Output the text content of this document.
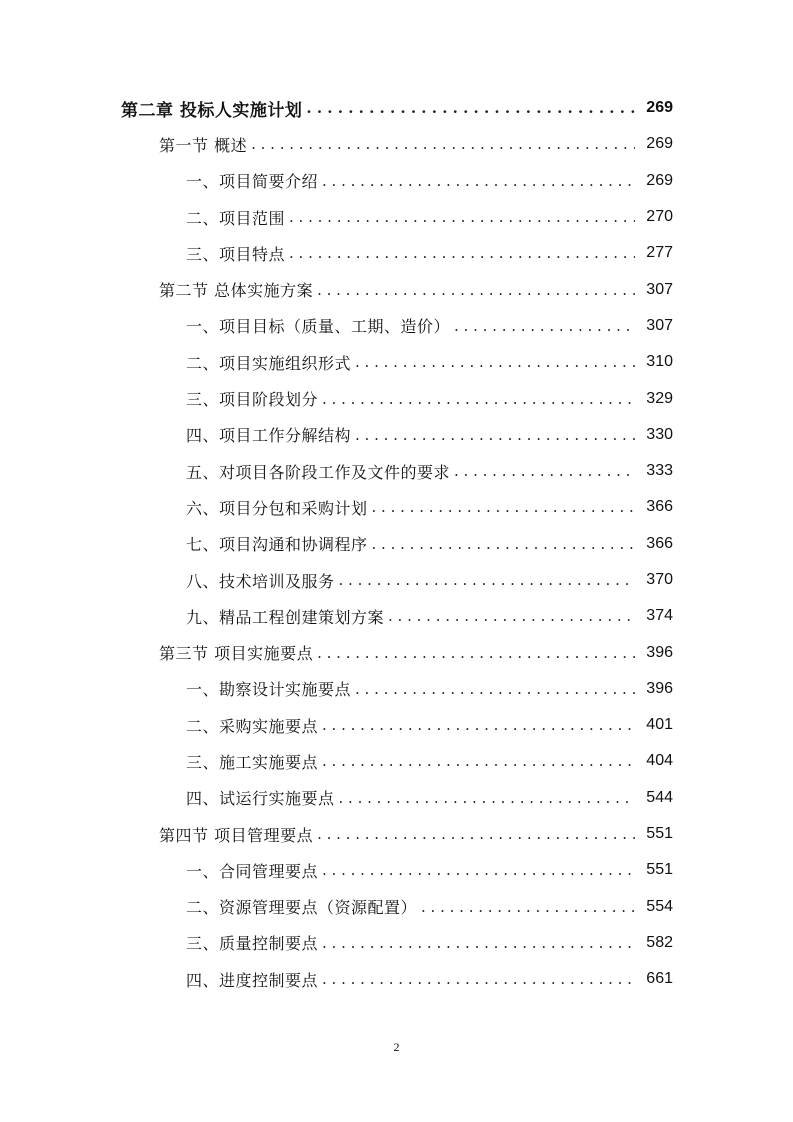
第二章 投标人实施计划 . . .	269
第一节 概述 . . .	269
一、项目简要介绍 . . .	269
二、项目范围 . . .	270
三、项目特点 . . .	277
第二节 总体实施方案 . . .	307
一、项目目标（质量、工期、造价） . . .	307
二、项目实施组织形式 . . .	310
三、项目阶段划分 . . .	329
四、项目工作分解结构 . . .	330
五、对项目各阶段工作及文件的要求 . . .	333
六、项目分包和采购计划 . . .	366
七、项目沟通和协调程序 . . .	366
八、技术培训及服务 . . .	370
九、精品工程创建策划方案 . . .	374
第三节 项目实施要点 . . .	396
一、勘察设计实施要点 . . .	396
二、采购实施要点 . . .	401
三、施工实施要点 . . .	404
四、试运行实施要点 . . .	544
第四节 项目管理要点 . . .	551
一、合同管理要点 . . .	551
二、资源管理要点（资源配置） . . .	554
三、质量控制要点 . . .	582
四、进度控制要点 . . .	661
2
